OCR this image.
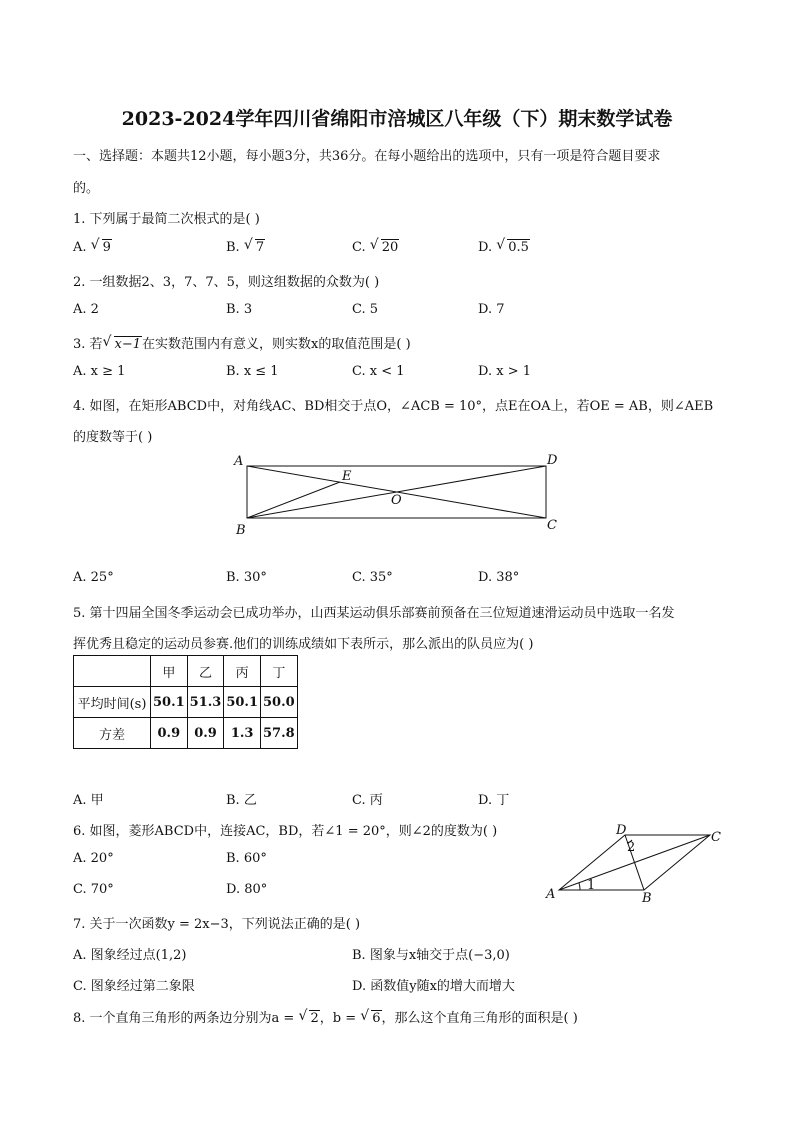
2023-2024学年四川省绵阳市涪城区八年级（下）期末数学试卷
一、选择题：本题共12小题，每小题3分，共36分。在每小题给出的选项中，只有一项是符合题目要求
的。
1. 下列属于最简二次根式的是( )
A. √ 9	B. √ 7	C. √ 20	D. √ 0.5
2. 一组数据2、3，7、7、5，则这组数据的众数为( )
A. 2	B. 3	C. 5	D. 7
3. 若 √ x−1在实数范围内有意义，则实数x的取值范围是( )
A. x ≥ 1	B. x ≤ 1	C. x < 1	D. x > 1
4. 如图，在矩形ABCD中，对角线AC、BD相交于点O，∠ACB = 10°，点E在OA上，若OE = AB，则∠AEB
的度数等于( )
A
B	C
D
E
O
A. 25°	B. 30°	C. 35°	D. 38°
5. 第十四届全国冬季运动会已成功举办，山西某运动俱乐部赛前预备在三位短道速滑运动员中选取一名发
挥优秀且稳定的运动员参赛.他们的训练成绩如下表所示，那么派出的队员应为( )
	甲	乙	丙	丁
平均时间(s)	50.1	51.3	50.1	50.0
方差	0.9	0.9	1.3	57.8
A. 甲	B. 乙	C. 丙	D. 丁
6. 如图，菱形ABCD中，连接AC，BD，若∠1 = 20°，则∠2的度数为( )
A. 20°	B. 60°
C. 70°	D. 80°	A	B
C
D
1
2
7. 关于一次函数y = 2x−3，下列说法正确的是( )
A. 图象经过点(1,2)	B. 图象与x轴交于点(−3,0)
C. 图象经过第二象限	D. 函数值y随x的增大而增大
8. 一个直角三角形的两条边分别为a = √ 2，b = √ 6，那么这个直角三角形的面积是( )
